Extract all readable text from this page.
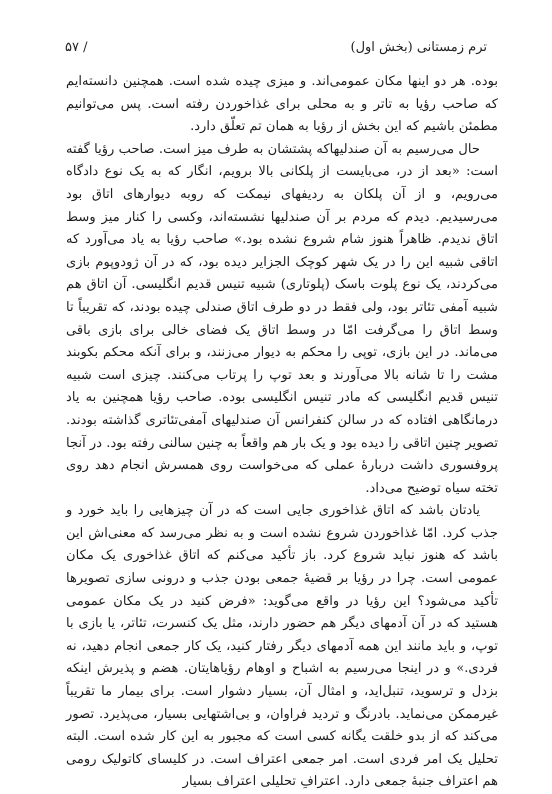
ترم زمستانی (بخش اول)
/ ۵۷

بوده. هر دو اینها مکان عمومی‌اند. و میزی چیده شده است. همچنین دانسته‌ایم که صاحب رؤیا به تاتر و به محلی برای غذاخوردن رفته است. پس می‌توانیم مطمئن باشیم که این بخش از رؤیا به همان تم تعلّق دارد.

حال می‌رسیم به آن صندلیهاکه پشتشان به طرف میز است. صاحب رؤیا گفته است: «بعد از در، می‌بایست از پلکانی بالا برویم، انگار که به یک نوع دادگاه می‌رویم، و از آن پلکان به ردیفهای نیمکت که روبه دیوارهای اتاق بود می‌رسیدیم. دیدم که مردم بر آن صندلیها نشسته‌اند، وکسی را کنار میز وسط اتاق ندیدم. ظاهراً هنوز شام شروع نشده بود.» صاحب رؤیا به یاد می‌آورد که اتاقی شبیه این را در یک شهر کوچک الجزایر دیده بود، که در آن ژودوپوم بازی می‌کردند، یک نوع پلوت باسک (پلوتاری) شبیه تنیس قدیم انگلیسی. آن اتاق هم شبیه آمفی تئاتر بود، ولی فقط در دو طرف اتاق صندلی چیده بودند، که تقریباً تا وسط اتاق را می‌گرفت امّا در وسط اتاق یک فضای خالی برای بازی باقی می‌ماند. در این بازی، توپی را محکم به دیوار می‌زنند، و برای آنکه محکم بکوبند مشت را تا شانه بالا می‌آورند و بعد توپ را پرتاب می‌کنند. چیزی است شبیه تنیس قدیم انگلیسی که مادر تنیس انگلیسی بوده. صاحب رؤیا همچنین به یاد درمانگاهی افتاده که در سالن کنفرانس آن صندلیهای آمفی‌تئاتری گذاشته بودند. تصویر چنین اتاقی را دیده بود و یک بار هم واقعاً به چنین سالنی رفته بود. در آنجا پروفسوری داشت دربارهٔ عملی که می‌خواست روی همسرش انجام دهد روی تخته سیاه توضیح می‌داد.

یادتان باشد که اتاق غذاخوری جایی است که در آن چیزهایی را باید خورد و جذب کرد. امّا غذاخوردن شروع نشده است و به نظر می‌رسد که معنی‌اش این باشد که هنوز نباید شروع کرد. باز تأکید می‌کنم که اتاق غذاخوری یک مکان عمومی است. چرا در رؤیا بر قضیهٔ جمعی بودن جذب و درونی سازی تصویرها تأکید می‌شود؟ این رؤیا در واقع می‌گوید: «فرض کنید در یک مکان عمومی هستید که در آن آدمهای دیگر هم حضور دارند، مثل یک کنسرت، تئاتر، یا بازی با توپ، و باید مانند این همه آدمهای دیگر رفتار کنید، یک کار جمعی انجام دهید، نه فردی.» و در اینجا می‌رسیم به اشباح و اوهام رؤیاهایتان. هضم و پذیرش اینکه بزدل و ترسوید، تنبل‌اید، و امثال آن، بسیار دشوار است. برای بیمار ما تقریباً غیرممکن می‌نماید. بادرنگ و تردید فراوان، و بی‌اشتهایی بسیار، می‌پذیرد. تصور می‌کند که از بدو خلقت یگانه کسی است که مجبور به این کار شده است. البته تحلیل یک امر فردی است. امر جمعی اعتراف است. در کلیسای کاتولیک رومی هم اعتراف جنبهٔ جمعی دارد. اعترافِ تحلیلی اعتراف بسیار
